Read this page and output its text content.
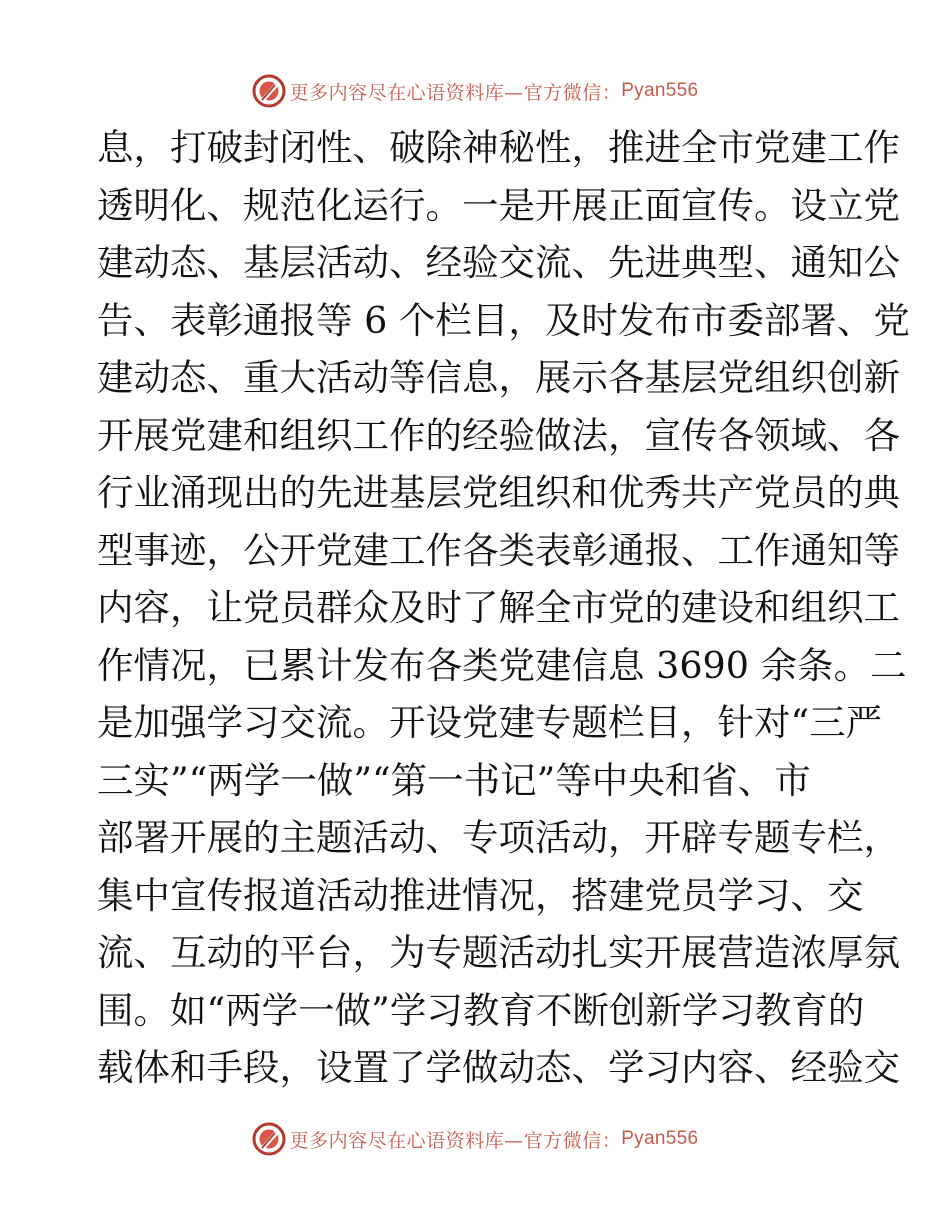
更多内容尽在心语资料库— 官方微信： Pyan556
息，打破封闭性、破除神秘性，推进全市党建工作
透明化、规范化运行。一是开展正面宣传。设立党
建动态、基层活动、经验交流、先进典型、通知公
告、表彰通报等 6 个栏目，及时发布市委部署、党
建动态、重大活动等信息，展示各基层党组织创新
开展党建和组织工作的经验做法，宣传各领域、各
行业涌现出的先进基层党组织和优秀共产党员的典
型事迹，公开党建工作各类表彰通报、工作通知等
内容，让党员群众及时了解全市党的建设和组织工
作情况，已累计发布各类党建信息 3690 余条。二
是加强学习交流。开设党建专题栏目，针对“三严
三实”“两学一做”“第一书记”等中央和省、市
部署开展的主题活动、专项活动，开辟专题专栏，
集中宣传报道活动推进情况，搭建党员学习、交
流、互动的平台，为专题活动扎实开展营造浓厚氛
围。如“两学一做”学习教育不断创新学习教育的
载体和手段，设置了学做动态、学习内容、经验交
更多内容尽在心语资料库— 官方微信： Pyan556
